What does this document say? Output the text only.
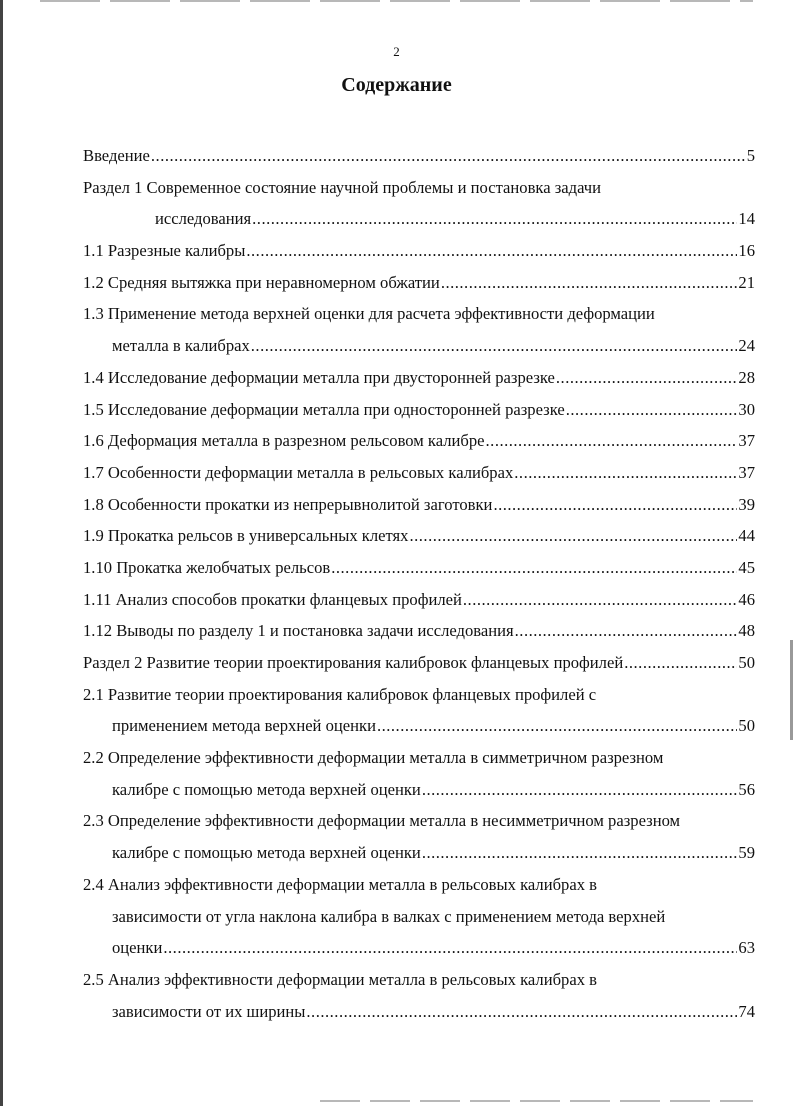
2
Содержание
Введение .....	5
Раздел 1 Современное состояние научной проблемы и постановка задачи
исследования .....	14
1.1 Разрезные калибры .....	16
1.2 Средняя вытяжка при неравномерном обжатии .....	21
1.3 Применение метода верхней оценки для расчета эффективности деформации
металла в калибрах .....	24
1.4 Исследование деформации металла при двусторонней разрезке .....	28
1.5 Исследование деформации металла при односторонней разрезке .....	30
1.6 Деформация металла в разрезном рельсовом калибре .....	37
1.7 Особенности деформации металла в рельсовых калибрах .....	37
1.8 Особенности прокатки из непрерывнолитой заготовки .....	39
1.9 Прокатка рельсов в универсальных клетях .....	44
1.10 Прокатка желобчатых рельсов .....	45
1.11 Анализ способов прокатки фланцевых профилей .....	46
1.12 Выводы по разделу 1 и постановка задачи исследования .....	48
Раздел 2 Развитие теории проектирования калибровок фланцевых профилей .....	50
2.1 Развитие теории проектирования калибровок фланцевых профилей с
применением метода верхней оценки .....	50
2.2 Определение эффективности деформации металла в симметричном разрезном
калибре с помощью метода верхней оценки .....	56
2.3 Определение эффективности деформации металла в несимметричном разрезном
калибре с помощью метода верхней оценки .....	59
2.4 Анализ эффективности деформации металла в рельсовых калибрах в
зависимости от угла наклона калибра в валках с применением метода верхней
оценки .....	63
2.5 Анализ эффективности деформации металла в рельсовых калибрах в
зависимости от их ширины .....	74
